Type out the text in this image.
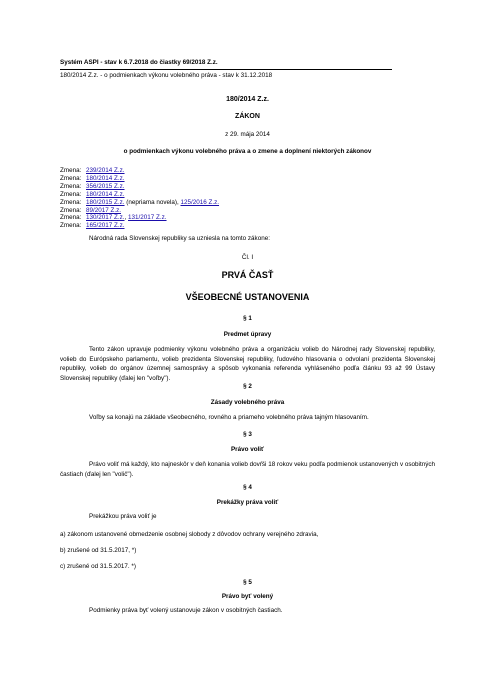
Systém ASPI - stav k 6.7.2018 do čiastky 69/2018 Z.z.
180/2014 Z.z. - o podmienkach výkonu volebného práva - stav k 31.12.2018
180/2014 Z.z.
ZÁKON
z 29. mája 2014
o podmienkach výkonu volebného práva a o zmene a doplnení niektorých zákonov
Zmena: 239/2014 Z.z.
Zmena: 180/2014 Z.z.
Zmena: 356/2015 Z.z.
Zmena: 180/2014 Z.z.
Zmena: 180/2015 Z.z. (nepriama novela), 125/2016 Z.z.
Zmena: 89/2017 Z.z.
Zmena: 130/2017 Z.z., 131/2017 Z.z.
Zmena: 165/2017 Z.z.
Národná rada Slovenskej republiky sa uzniesla na tomto zákone:
Čl. I
PRVÁ ČASŤ
VŠEOBECNÉ USTANOVENIA
§ 1
Predmet úpravy
Tento zákon upravuje podmienky výkonu volebného práva a organizáciu volieb do Národnej rady Slovenskej republiky, volieb do Európskeho parlamentu, volieb prezidenta Slovenskej republiky, ľudového hlasovania o odvolaní prezidenta Slovenskej republiky, volieb do orgánov územnej samosprávy a spôsob vykonania referenda vyhláseného podľa článku 93 až 99 Ústavy Slovenskej republiky (ďalej len "voľby").
§ 2
Zásady volebného práva
Voľby sa konajú na základe všeobecného, rovného a priameho volebného práva tajným hlasovaním.
§ 3
Právo voliť
Právo voliť má každý, kto najneskôr v deň konania volieb dovŕši 18 rokov veku podľa podmienok ustanovených v osobitných častiach (ďalej len "volič").
§ 4
Prekážky práva voliť
Prekážkou práva voliť je
a) zákonom ustanovené obmedzenie osobnej slobody z dôvodov ochrany verejného zdravia,
b) zrušené od 31.5.2017, *)
c) zrušené od 31.5.2017. *)
§ 5
Právo byť volený
Podmienky práva byť volený ustanovuje zákon v osobitných častiach.
